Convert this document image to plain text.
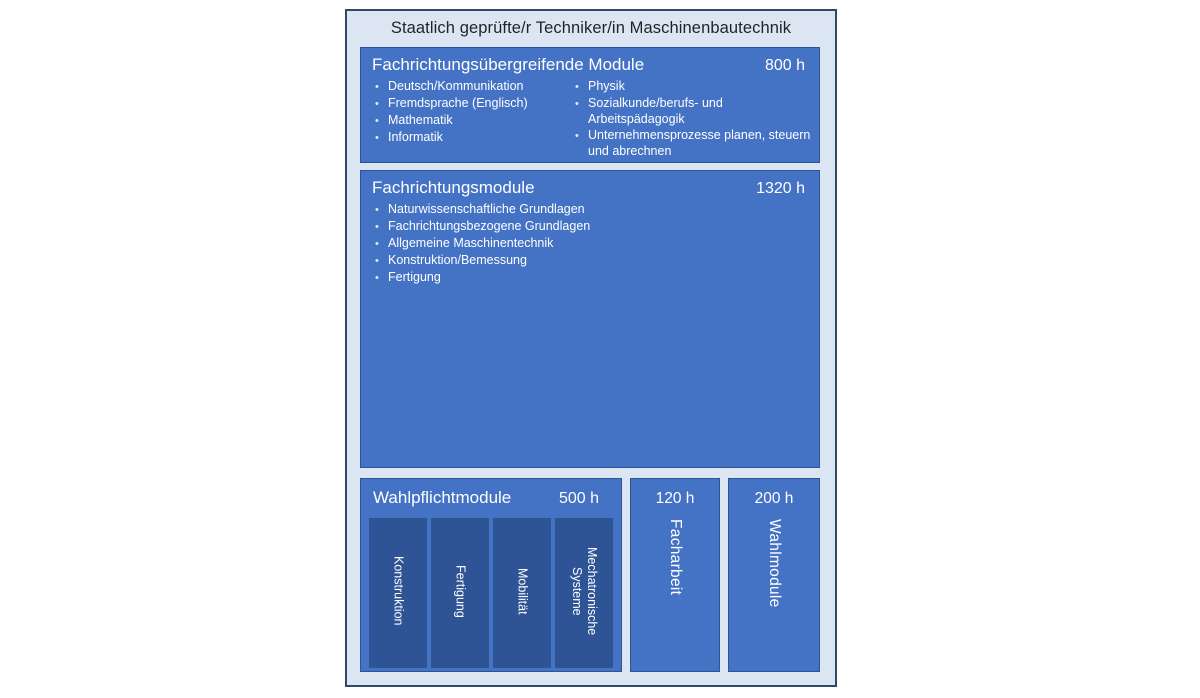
Staatlich geprüfte/r Techniker/in Maschinenbautechnik
Fachrichtungsübergreifende Module	800 h
•
Deutsch/Kommunikation
•
Fremdsprache (Englisch)
•
Mathematik
•
Informatik
•
Physik
•
Sozialkunde/berufs- und Arbeitspädagogik
•
Unternehmensprozesse planen, steuern und abrechnen
Fachrichtungsmodule	1320 h
•
Naturwissenschaftliche Grundlagen
•
Fachrichtungsbezogene Grundlagen
•
Allgemeine Maschinentechnik
•
Konstruktion/Bemessung
•
Fertigung
Wahlpflichtmodule	500 h
Konstruktion	Fertigung	Mobilität	Mechatronische Systeme
120 h
Facharbeit
200 h
Wahlmodule
